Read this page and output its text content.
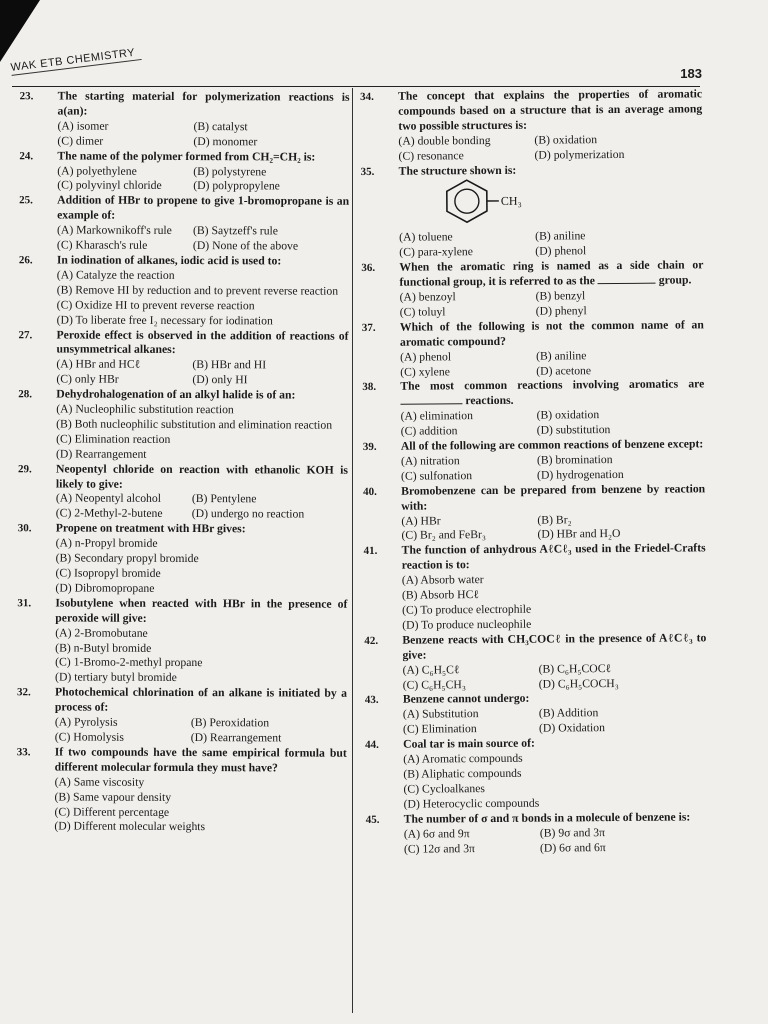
WAK ETB CHEMISTRY	183
23.	The starting material for polymerization reactions is a(an):
(A) isomer	(B) catalyst
(C) dimer	(D) monomer
24.	The name of the polymer formed from CH₂=CH₂ is:
(A) polyethylene	(B) polystyrene
(C) polyvinyl chloride	(D) polypropylene
25.	Addition of HBr to propene to give 1-bromopropane is an example of:
(A) Markownikoff's rule	(B) Saytzeff's rule
(C) Kharasch's rule	(D) None of the above
26.	In iodination of alkanes, iodic acid is used to:
(A) Catalyze the reaction
(B) Remove HI by reduction and to prevent reverse reaction
(C) Oxidize HI to prevent reverse reaction
(D) To liberate free I₂ necessary for iodination
27.	Peroxide effect is observed in the addition of reactions of unsymmetrical alkanes:
(A) HBr and HCℓ	(B) HBr and HI
(C) only HBr	(D) only HI
28.	Dehydrohalogenation of an alkyl halide is of an:
(A) Nucleophilic substitution reaction
(B) Both nucleophilic substitution and elimination reaction
(C) Elimination reaction
(D) Rearrangement
29.	Neopentyl chloride on reaction with ethanolic KOH is likely to give:
(A) Neopentyl alcohol	(B) Pentylene
(C) 2-Methyl-2-butene	(D) undergo no reaction
30.	Propene on treatment with HBr gives:
(A) n-Propyl bromide
(B) Secondary propyl bromide
(C) Isopropyl bromide
(D) Dibromopropane
31.	Isobutylene when reacted with HBr in the presence of peroxide will give:
(A) 2-Bromobutane
(B) n-Butyl bromide
(C) 1-Bromo-2-methyl propane
(D) tertiary butyl bromide
32.	Photochemical chlorination of an alkane is initiated by a process of:
(A) Pyrolysis	(B) Peroxidation
(C) Homolysis	(D) Rearrangement
33.	If two compounds have the same empirical formula but different molecular formula they must have?
(A) Same viscosity
(B) Same vapour density
(C) Different percentage
(D) Different molecular weights
34.	The concept that explains the properties of aromatic compounds based on a structure that is an average among two possible structures is:
(A) double bonding	(B) oxidation
(C) resonance	(D) polymerization
35.	The structure shown is:
CH₃
(A) toluene	(B) aniline
(C) para-xylene	(D) phenol
36.	When the aromatic ring is named as a side chain or functional group, it is referred to as the	group.
(A) benzoyl	(B) benzyl
(C) toluyl	(D) phenyl
37.	Which of the following is not the common name of an aromatic compound?
(A) phenol	(B) aniline
(C) xylene	(D) acetone
38.	The most common reactions involving aromatics are  reactions.
(A) elimination	(B) oxidation
(C) addition	(D) substitution
39.	All of the following are common reactions of benzene except:
(A) nitration	(B) bromination
(C) sulfonation	(D) hydrogenation
40.	Bromobenzene can be prepared from benzene by reaction with:
(A) HBr	(B) Br₂
(C) Br₂ and FeBr₃	(D) HBr and H₂O
41.	The function of anhydrous AℓCℓ₃ used in the Friedel-Crafts reaction is to:
(A) Absorb water
(B) Absorb HCℓ
(C) To produce electrophile
(D) To produce nucleophile
42.	Benzene reacts with CH₃COCℓ in the presence of AℓCℓ₃ to give:
(A) C₆H₅Cℓ	(B) C₆H₅COCℓ
(C) C₆H₅CH₃	(D) C₆H₅COCH₃
43.	Benzene cannot undergo:
(A) Substitution	(B) Addition
(C) Elimination	(D) Oxidation
44.	Coal tar is main source of:
(A) Aromatic compounds
(B) Aliphatic compounds
(C) Cycloalkanes
(D) Heterocyclic compounds
45.	The number of σ and π bonds in a molecule of benzene is:
(A) 6σ and 9π	(B) 9σ and 3π
(C) 12σ and 3π	(D) 6σ and 6π
